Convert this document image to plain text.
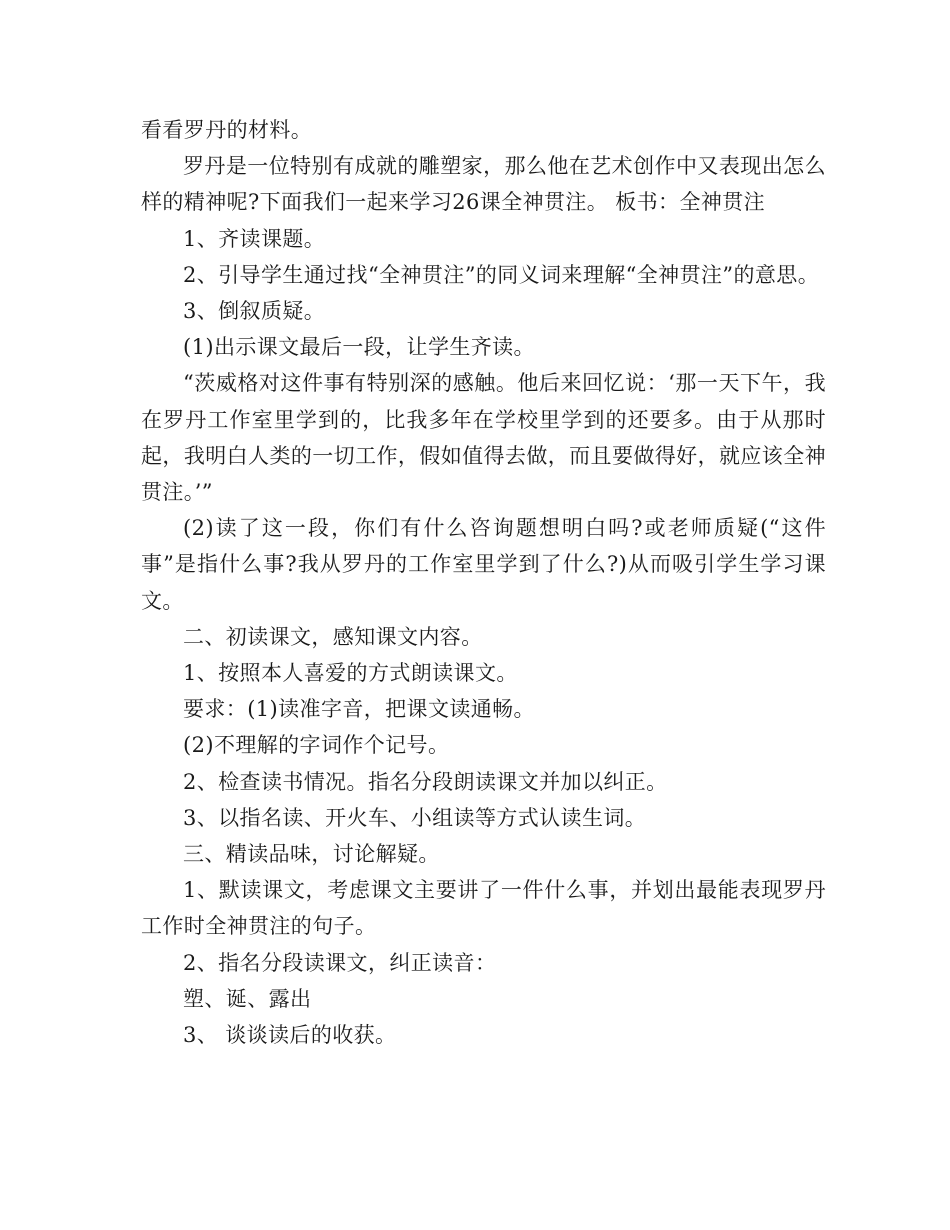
看看罗丹的材料。

罗丹是一位特别有成就的雕塑家，那么他在艺术创作中又表现出怎么样的精神呢?下面我们一起来学习26课全神贯注。 板书：全神贯注

1、齐读课题。

2、引导学生通过找“全神贯注”的同义词来理解“全神贯注”的意思。

3、倒叙质疑。

(1)出示课文最后一段，让学生齐读。

“茨威格对这件事有特别深的感触。他后来回忆说：‘那一天下午，我在罗丹工作室里学到的，比我多年在学校里学到的还要多。由于从那时起，我明白人类的一切工作，假如值得去做，而且要做得好，就应该全神贯注。’”

(2)读了这一段，你们有什么咨询题想明白吗?或老师质疑(“这件事”是指什么事?我从罗丹的工作室里学到了什么?)从而吸引学生学习课文。

二、初读课文，感知课文内容。

1、按照本人喜爱的方式朗读课文。

要求：(1)读准字音，把课文读通畅。

(2)不理解的字词作个记号。

2、检查读书情况。指名分段朗读课文并加以纠正。

3、以指名读、开火车、小组读等方式认读生词。

三、精读品味，讨论解疑。

1、默读课文，考虑课文主要讲了一件什么事，并划出最能表现罗丹工作时全神贯注的句子。

2、指名分段读课文，纠正读音：

塑、诞、露出

3、 谈谈读后的收获。
